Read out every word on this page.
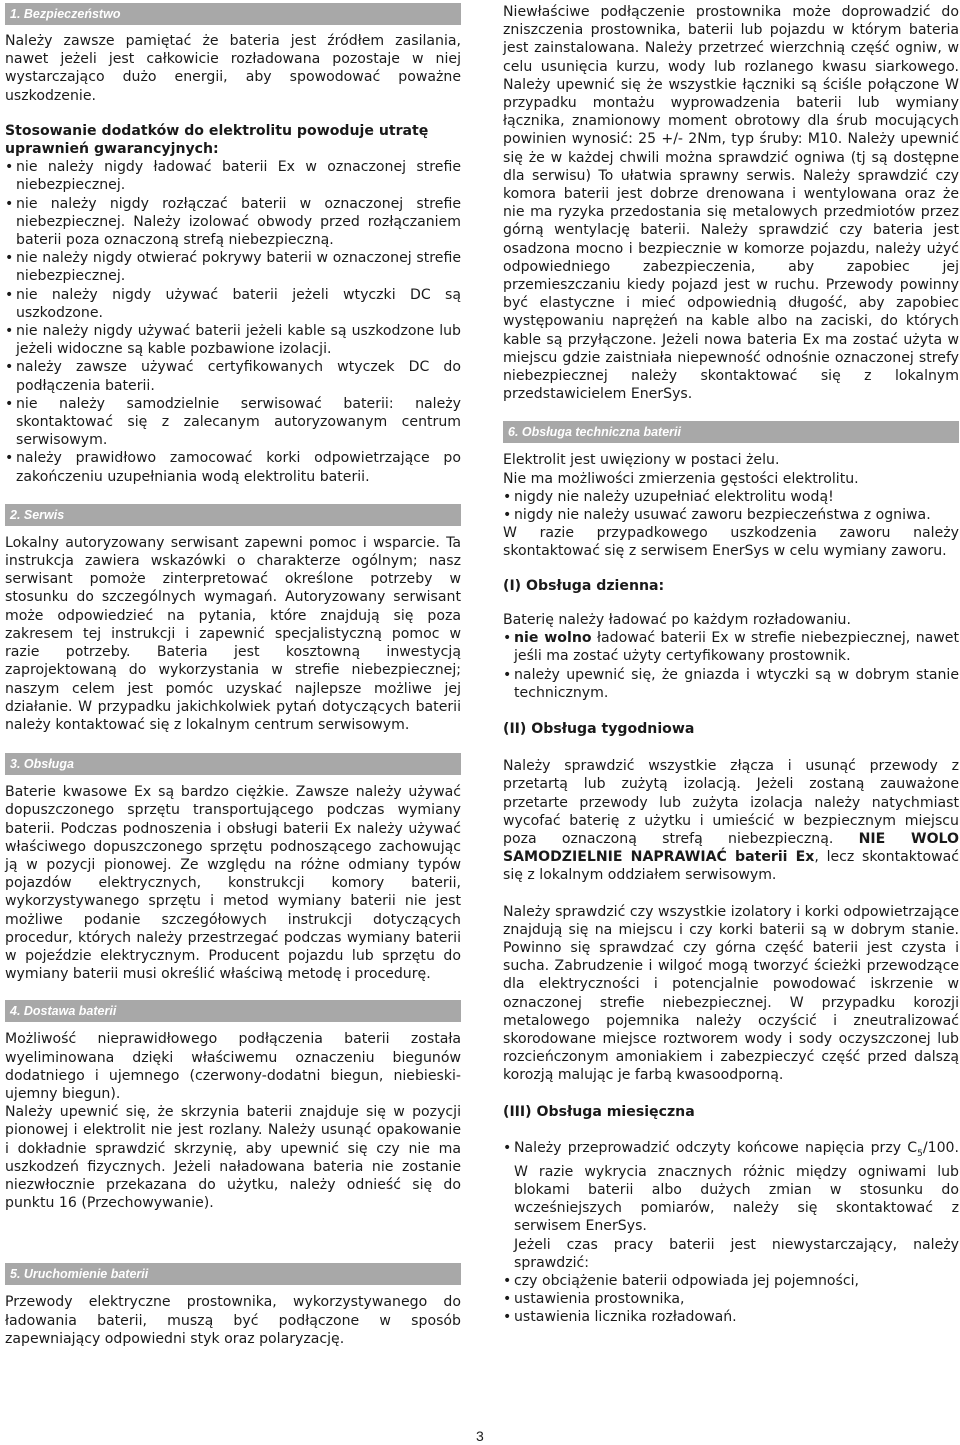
1. Bezpieczeństwo

Należy zawsze pamiętać że bateria jest źródłem zasilania, nawet jeżeli jest całkowicie rozładowana pozostaje w niej wystarczająco dużo energii, aby spowodować poważne uszkodzenie.

Stosowanie dodatków do elektrolitu powoduje utratę uprawnień gwarancyjnych:

• nie należy nigdy ładować baterii Ex w oznaczonej strefie niebezpiecznej.
• nie należy nigdy rozłączać baterii w oznaczonej strefie niebezpiecznej. Należy izolować obwody przed rozłączaniem baterii poza oznaczoną strefą niebezpieczną.
• nie należy nigdy otwierać pokrywy baterii w oznaczonej strefie niebezpiecznej.
• nie należy nigdy używać baterii jeżeli wtyczki DC są uszkodzone.
• nie należy nigdy używać baterii jeżeli kable są uszkodzone lub jeżeli widoczne są kable pozbawione izolacji.
• należy zawsze używać certyfikowanych wtyczek DC do podłączenia baterii.
• nie należy samodzielnie serwisować baterii: należy skontaktować się z zalecanym autoryzowanym centrum serwisowym.
• należy prawidłowo zamocować korki odpowietrzające po zakończeniu uzupełniania wodą elektrolitu baterii.
2. Serwis

Lokalny autoryzowany serwisant zapewni pomoc i wsparcie. Ta instrukcja zawiera wskazówki o charakterze ogólnym; nasz serwisant pomoże zinterpretować określone potrzeby w stosunku do szczególnych wymagań. Autoryzowany serwisant może odpowiedzieć na pytania, które znajdują się poza zakresem tej instrukcji i zapewnić specjalistyczną pomoc w razie potrzeby. Bateria jest kosztowną inwestycją zaprojektowaną do wykorzystania w strefie niebezpiecznej; naszym celem jest pomóc uzyskać najlepsze możliwe jej działanie. W przypadku jakichkolwiek pytań dotyczących baterii należy kontaktować się z lokalnym centrum serwisowym.

3. Obsługa

Baterie kwasowe Ex są bardzo ciężkie. Zawsze należy używać dopuszczonego sprzętu transportującego podczas wymiany baterii. Podczas podnoszenia i obsługi baterii Ex należy używać właściwego dopuszczonego sprzętu podnoszącego zachowując ją w pozycji pionowej. Ze względu na różne odmiany typów pojazdów elektrycznych, konstrukcji komory baterii, wykorzystywanego sprzętu i metod wymiany baterii nie jest możliwe podanie szczegółowych instrukcji dotyczących procedur, których należy przestrzegać podczas wymiany baterii w pojeździe elektrycznym. Producent pojazdu lub sprzętu do wymiany baterii musi określić właściwą metodę i procedurę.

4. Dostawa baterii

Możliwość nieprawidłowego podłączenia baterii została wyeliminowana dzięki właściwemu oznaczeniu biegunów dodatniego i ujemnego (czerwony-dodatni biegun, niebieski-ujemny biegun).

Należy upewnić się, że skrzynia baterii znajduje się w pozycji pionowej i elektrolit nie jest rozlany. Należy usunąć opakowanie i dokładnie sprawdzić skrzynię, aby upewnić się czy nie ma uszkodzeń fizycznych. Jeżeli naładowana bateria nie zostanie niezwłocznie przekazana do użytku, należy odnieść się do punktu 16 (Przechowywanie).

5. Uruchomienie baterii

Przewody elektryczne prostownika, wykorzystywanego do ładowania baterii, muszą być podłączone w sposób zapewniający odpowiedni styk oraz polaryzację.

Niewłaściwe podłączenie prostownika może doprowadzić do zniszczenia prostownika, baterii lub pojazdu w którym bateria jest zainstalowana. Należy przetrzeć wierzchnią część ogniw, w celu usunięcia kurzu, wody lub rozlanego kwasu siarkowego. Należy upewnić się że wszystkie łączniki są ściśle połączone W przypadku montażu wyprowadzenia baterii lub wymiany łącznika, znamionowy moment obrotowy dla śrub mocujących powinien wynosić: 25 +/- 2Nm, typ śruby: M10. Należy upewnić się że w każdej chwili można sprawdzić ogniwa (tj są dostępne dla serwisu) To ułatwia sprawny serwis. Należy sprawdzić czy komora baterii jest dobrze drenowana i wentylowana oraz że nie ma ryzyka przedostania się metalowych przedmiotów przez górną wentylację baterii. Należy sprawdzić czy bateria jest osadzona mocno i bezpiecznie w komorze pojazdu, należy użyć odpowiedniego zabezpieczenia, aby zapobiec jej przemieszczaniu kiedy pojazd jest w ruchu. Przewody powinny być elastyczne i mieć odpowiednią długość, aby zapobiec występowaniu naprężeń na kable albo na zaciski, do których kable są przyłączone. Jeżeli nowa bateria Ex ma zostać użyta w miejscu gdzie zaistniała niepewność odnośnie oznaczonej strefy niebezpiecznej należy skontaktować się z lokalnym przedstawicielem EnerSys.

6. Obsługa techniczna baterii

Elektrolit jest uwięziony w postaci żelu.

Nie ma możliwości zmierzenia gęstości elektrolitu.

• nigdy nie należy uzupełniać elektrolitu wodą!
• nigdy nie należy usuwać zaworu bezpieczeństwa z ogniwa.

W razie przypadkowego uszkodzenia zaworu należy skontaktować się z serwisem EnerSys w celu wymiany zaworu.

(I) Obsługa dzienna:

Baterię należy ładować po każdym rozładowaniu.

• nie wolno ładować baterii Ex w strefie niebezpiecznej, nawet jeśli ma zostać użyty certyfikowany prostownik.
• należy upewnić się, że gniazda i wtyczki są w dobrym stanie technicznym.

(II) Obsługa tygodniowa

Należy sprawdzić wszystkie złącza i usunąć przewody z przetartą lub zużytą izolacją. Jeżeli zostaną zauważone przetarte przewody lub zużyta izolacja należy natychmiast wycofać baterię z użytku i umieścić w bezpiecznym miejscu poza oznaczoną strefą niebezpieczną. NIE WOLO SAMODZIELNIE NAPRAWIAĆ baterii Ex, lecz skontaktować się z lokalnym oddziałem serwisowym.

Należy sprawdzić czy wszystkie izolatory i korki odpowietrzające znajdują się na miejscu i czy korki baterii są w dobrym stanie. Powinno się sprawdzać czy górna część baterii jest czysta i sucha. Zabrudzenie i wilgoć mogą tworzyć ścieżki przewodzące dla elektryczności i potencjalnie powodować iskrzenie w oznaczonej strefie niebezpiecznej. W przypadku korozji metalowego pojemnika należy oczyścić i zneutralizować skorodowane miejsce roztworem wody i sody oczyszczonej lub rozcieńczonym amoniakiem i zabezpieczyć część przed dalszą korozją malując je farbą kwasoodporną.

(III) Obsługa miesięczna

• Należy przeprowadzić odczyty końcowe napięcia przy $C_5/100$. W razie wykrycia znacznych różnic między ogniwami lub blokami baterii albo dużych zmian w stosunku do wcześniejszych pomiarów, należy się skontaktować z serwisem EnerSys.
Jeżeli czas pracy baterii jest niewystarczający, należy sprawdzić:
• czy obciążenie baterii odpowiada jej pojemności,
• ustawienia prostownika,
• ustawienia licznika rozładowań.
3
